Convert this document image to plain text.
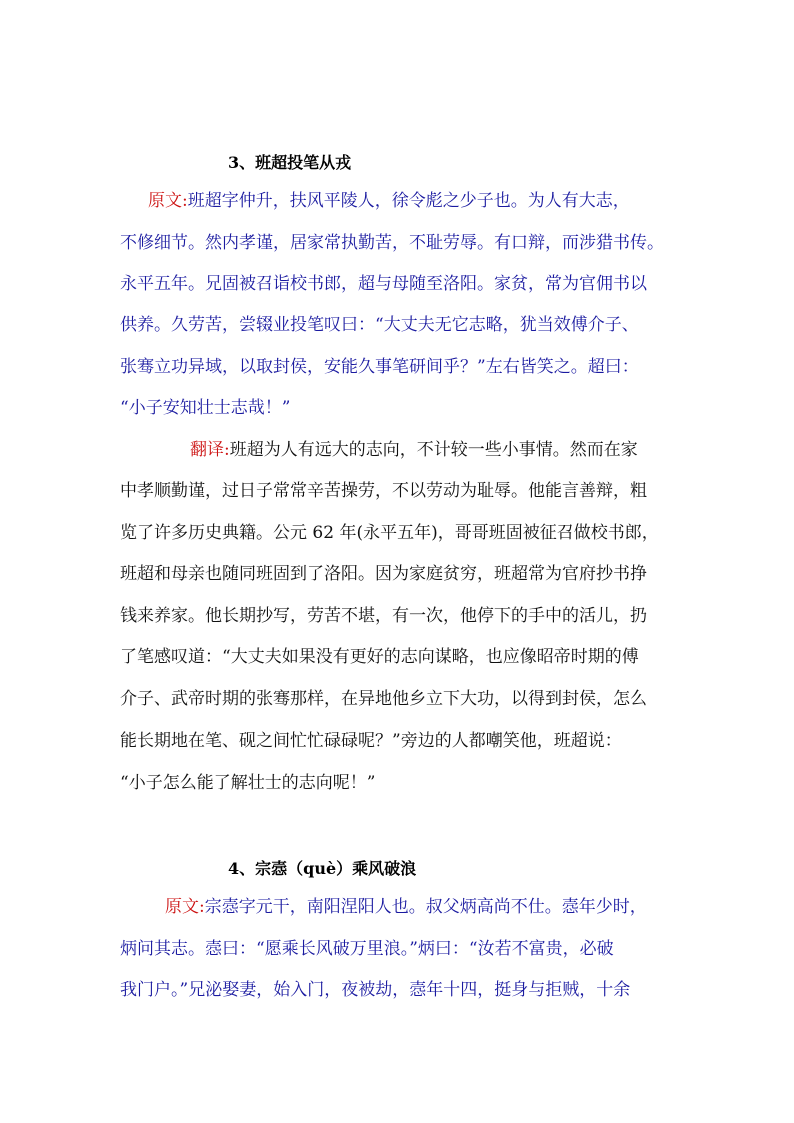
3、班超投笔从戎
原文:班超字仲升，扶风平陵人，徐令彪之少子也。为人有大志，
不修细节。然内孝谨，居家常执勤苦，不耻劳辱。有口辩，而涉猎书传。
永平五年。兄固被召诣校书郎，超与母随至洛阳。家贫，常为官佣书以
供养。久劳苦，尝辍业投笔叹曰：“大丈夫无它志略，犹当效傅介子、
张骞立功异域，以取封侯，安能久事笔研间乎？”左右皆笑之。超曰：
“小子安知壮士志哉！”
翻译:班超为人有远大的志向，不计较一些小事情。然而在家
中孝顺勤谨，过日子常常辛苦操劳，不以劳动为耻辱。他能言善辩，粗
览了许多历史典籍。公元 62 年(永平五年)，哥哥班固被征召做校书郎，
班超和母亲也随同班固到了洛阳。因为家庭贫穷，班超常为官府抄书挣
钱来养家。他长期抄写，劳苦不堪，有一次，他停下的手中的活儿，扔
了笔感叹道：“大丈夫如果没有更好的志向谋略，也应像昭帝时期的傅
介子、武帝时期的张骞那样，在异地他乡立下大功，以得到封侯，怎么
能长期地在笔、砚之间忙忙碌碌呢？”旁边的人都嘲笑他，班超说：
“小子怎么能了解壮士的志向呢！”
4、宗悫（què）乘风破浪
原文:宗悫字元干，南阳涅阳人也。叔父炳高尚不仕。悫年少时，
炳问其志。悫曰：“愿乘长风破万里浪。”炳曰：“汝若不富贵，必破
我门户。”兄泌娶妻，始入门，夜被劫，悫年十四，挺身与拒贼，十余
